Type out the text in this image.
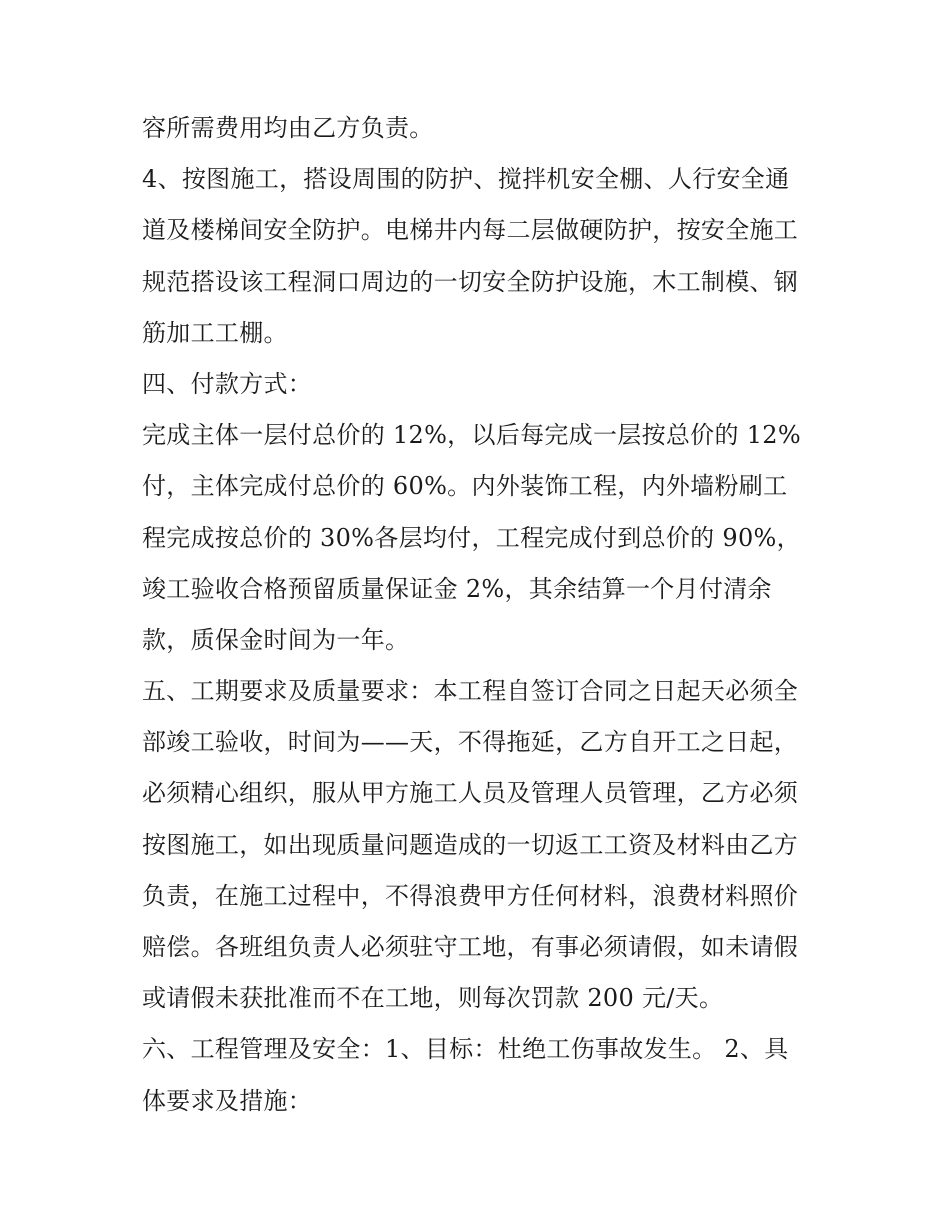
容所需费用均由乙方负责。
4、按图施工，搭设周围的防护、搅拌机安全棚、人行安全通
道及楼梯间安全防护。电梯井内每二层做硬防护，按安全施工
规范搭设该工程洞口周边的一切安全防护设施，木工制模、钢
筋加工工棚。
四、付款方式：
完成主体一层付总价的 12%，以后每完成一层按总价的 12%
付，主体完成付总价的 60%。内外装饰工程，内外墙粉刷工
程完成按总价的 30%各层均付，工程完成付到总价的 90%，
竣工验收合格预留质量保证金 2%，其余结算一个月付清余
款，质保金时间为一年。
五、工期要求及质量要求：本工程自签订合同之日起天必须全
部竣工验收，时间为——天，不得拖延，乙方自开工之日起，
必须精心组织，服从甲方施工人员及管理人员管理，乙方必须
按图施工，如出现质量问题造成的一切返工工资及材料由乙方
负责，在施工过程中，不得浪费甲方任何材料，浪费材料照价
赔偿。各班组负责人必须驻守工地，有事必须请假，如未请假
或请假未获批准而不在工地，则每次罚款 200 元/天。
六、工程管理及安全：1、目标：杜绝工伤事故发生。 2、具
体要求及措施：
